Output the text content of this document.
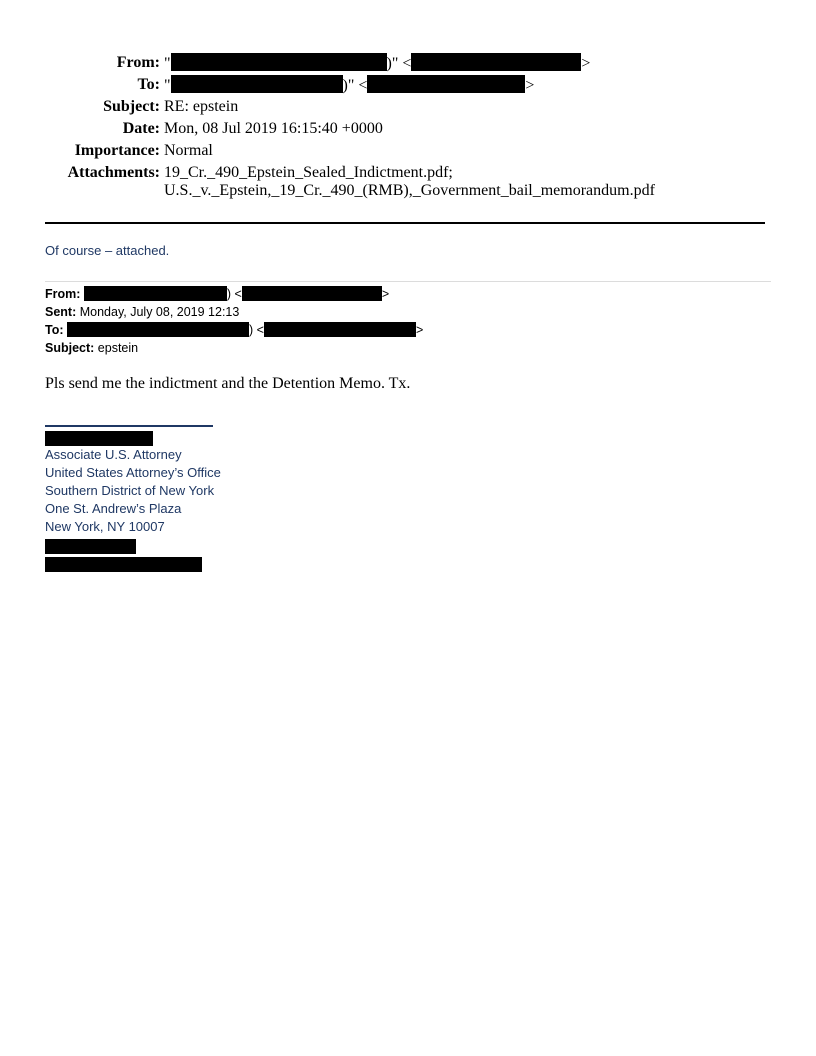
From: "	)" <	>
To: "	)" <	>
Subject: RE: epstein
Date: Mon, 08 Jul 2019 16:15:40 +0000
Importance: Normal
Attachments: 19_Cr._490_Epstein_Sealed_Indictment.pdf;
U.S._v._Epstein,_19_Cr._490_(RMB),_Government_bail_memorandum.pdf
Of course – attached.
From:	) <	>
Sent: Monday, July 08, 2019 12:13
To:	) <	>
Subject: epstein
Pls send me the indictment and the Detention Memo. Tx.
Associate U.S. Attorney
United States Attorney’s Office
Southern District of New York
One St. Andrew’s Plaza
New York, NY 10007
